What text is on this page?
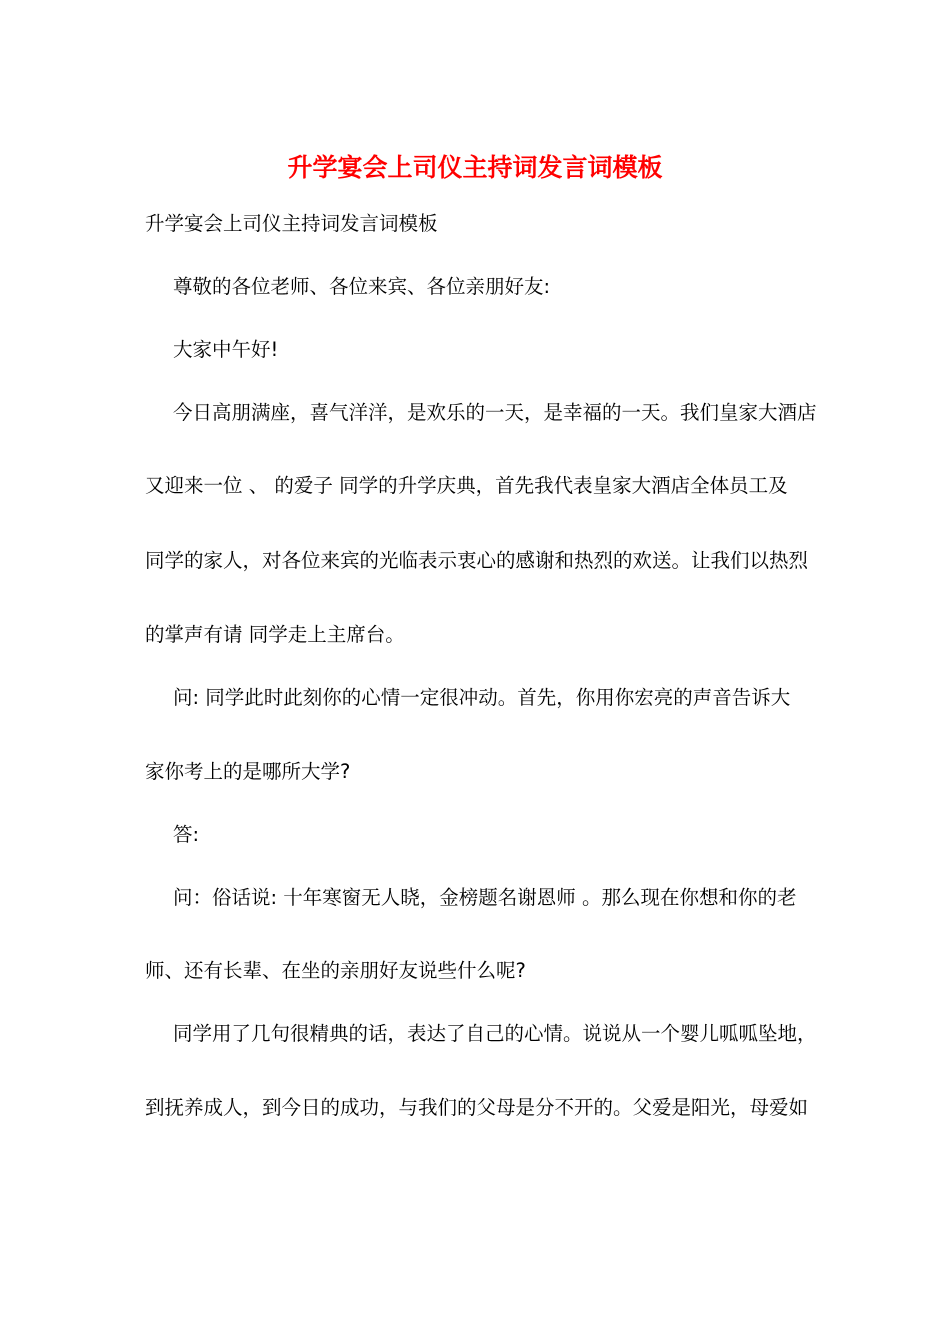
升学宴会上司仪主持词发言词模板
升学宴会上司仪主持词发言词模板
尊敬的各位老师、各位来宾、各位亲朋好友:
大家中午好!
今日高朋满座，喜气洋洋，是欢乐的一天，是幸福的一天。我们皇家大酒店
又迎来一位 、 的爱子 同学的升学庆典，首先我代表皇家大酒店全体员工及
同学的家人，对各位来宾的光临表示衷心的感谢和热烈的欢送。让我们以热烈
的掌声有请 同学走上主席台。
问: 同学此时此刻你的心情一定很冲动。首先，你用你宏亮的声音告诉大
家你考上的是哪所大学?
答:
问：俗话说: 十年寒窗无人晓，金榜题名谢恩师 。那么现在你想和你的老
师、还有长辈、在坐的亲朋好友说些什么呢?
同学用了几句很精典的话，表达了自己的心情。说说从一个婴儿呱呱坠地，
到抚养成人，到今日的成功，与我们的父母是分不开的。父爱是阳光，母爱如
